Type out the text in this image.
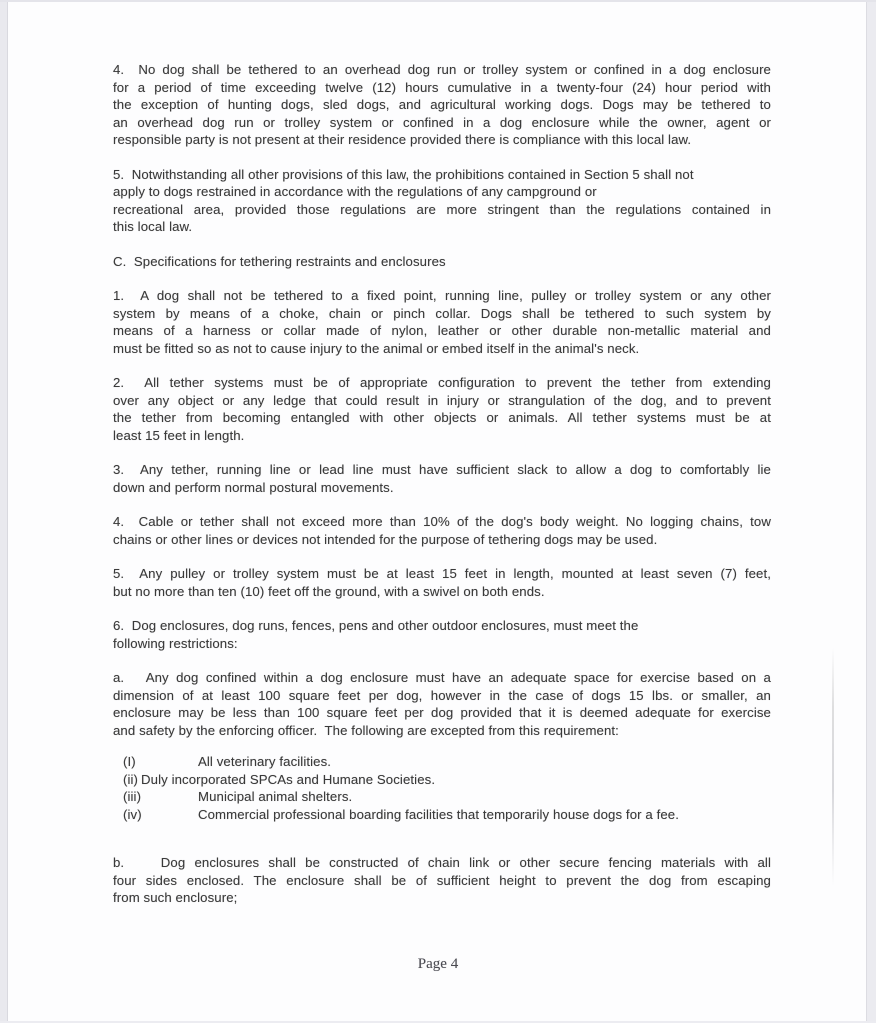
4.  No dog shall be tethered to an overhead dog run or trolley system or confined in a dog enclosure
for a period of time exceeding twelve (12) hours cumulative in a twenty-four (24) hour period with
the exception of hunting dogs, sled dogs, and agricultural working dogs. Dogs may be tethered to
an overhead dog run or trolley system or confined in a dog enclosure while the owner, agent or
responsible party is not present at their residence provided there is compliance with this local law.
5.  Notwithstanding all other provisions of this law, the prohibitions contained in Section 5 shall not
apply to dogs restrained in accordance with the regulations of any campground or
recreational area, provided those regulations are more stringent than the regulations contained in
this local law.
C.  Specifications for tethering restraints and enclosures
1.  A dog shall not be tethered to a fixed point, running line, pulley or trolley system or any other
system by means of a choke, chain or pinch collar. Dogs shall be tethered to such system by
means of a harness or collar made of nylon, leather or other durable non-metallic material and
must be fitted so as not to cause injury to the animal or embed itself in the animal's neck.
2.  All tether systems must be of appropriate configuration to prevent the tether from extending
over any object or any ledge that could result in injury or strangulation of the dog, and to prevent
the tether from becoming entangled with other objects or animals. All tether systems must be at
least 15 feet in length.
3.  Any tether, running line or lead line must have sufficient slack to allow a dog to comfortably lie
down and perform normal postural movements.
4.  Cable or tether shall not exceed more than 10% of the dog's body weight. No logging chains, tow
chains or other lines or devices not intended for the purpose of tethering dogs may be used.
5.  Any pulley or trolley system must be at least 15 feet in length, mounted at least seven (7) feet,
but no more than ten (10) feet off the ground, with a swivel on both ends.
6.  Dog enclosures, dog runs, fences, pens and other outdoor enclosures, must meet the
following restrictions:
a.   Any dog confined within a dog enclosure must have an adequate space for exercise based on a
dimension of at least 100 square feet per dog, however in the case of dogs 15 lbs. or smaller, an
enclosure may be less than 100 square feet per dog provided that it is deemed adequate for exercise
and safety by the enforcing officer.  The following are excepted from this requirement:
(I)	All veterinary facilities.
(ii) Duly incorporated SPCAs and Humane Societies.
(iii)	Municipal animal shelters.
(iv)	Commercial professional boarding facilities that temporarily house dogs for a fee.
b.    Dog enclosures shall be constructed of chain link or other secure fencing materials with all
four sides enclosed. The enclosure shall be of sufficient height to prevent the dog from escaping
from such enclosure;
Page 4
